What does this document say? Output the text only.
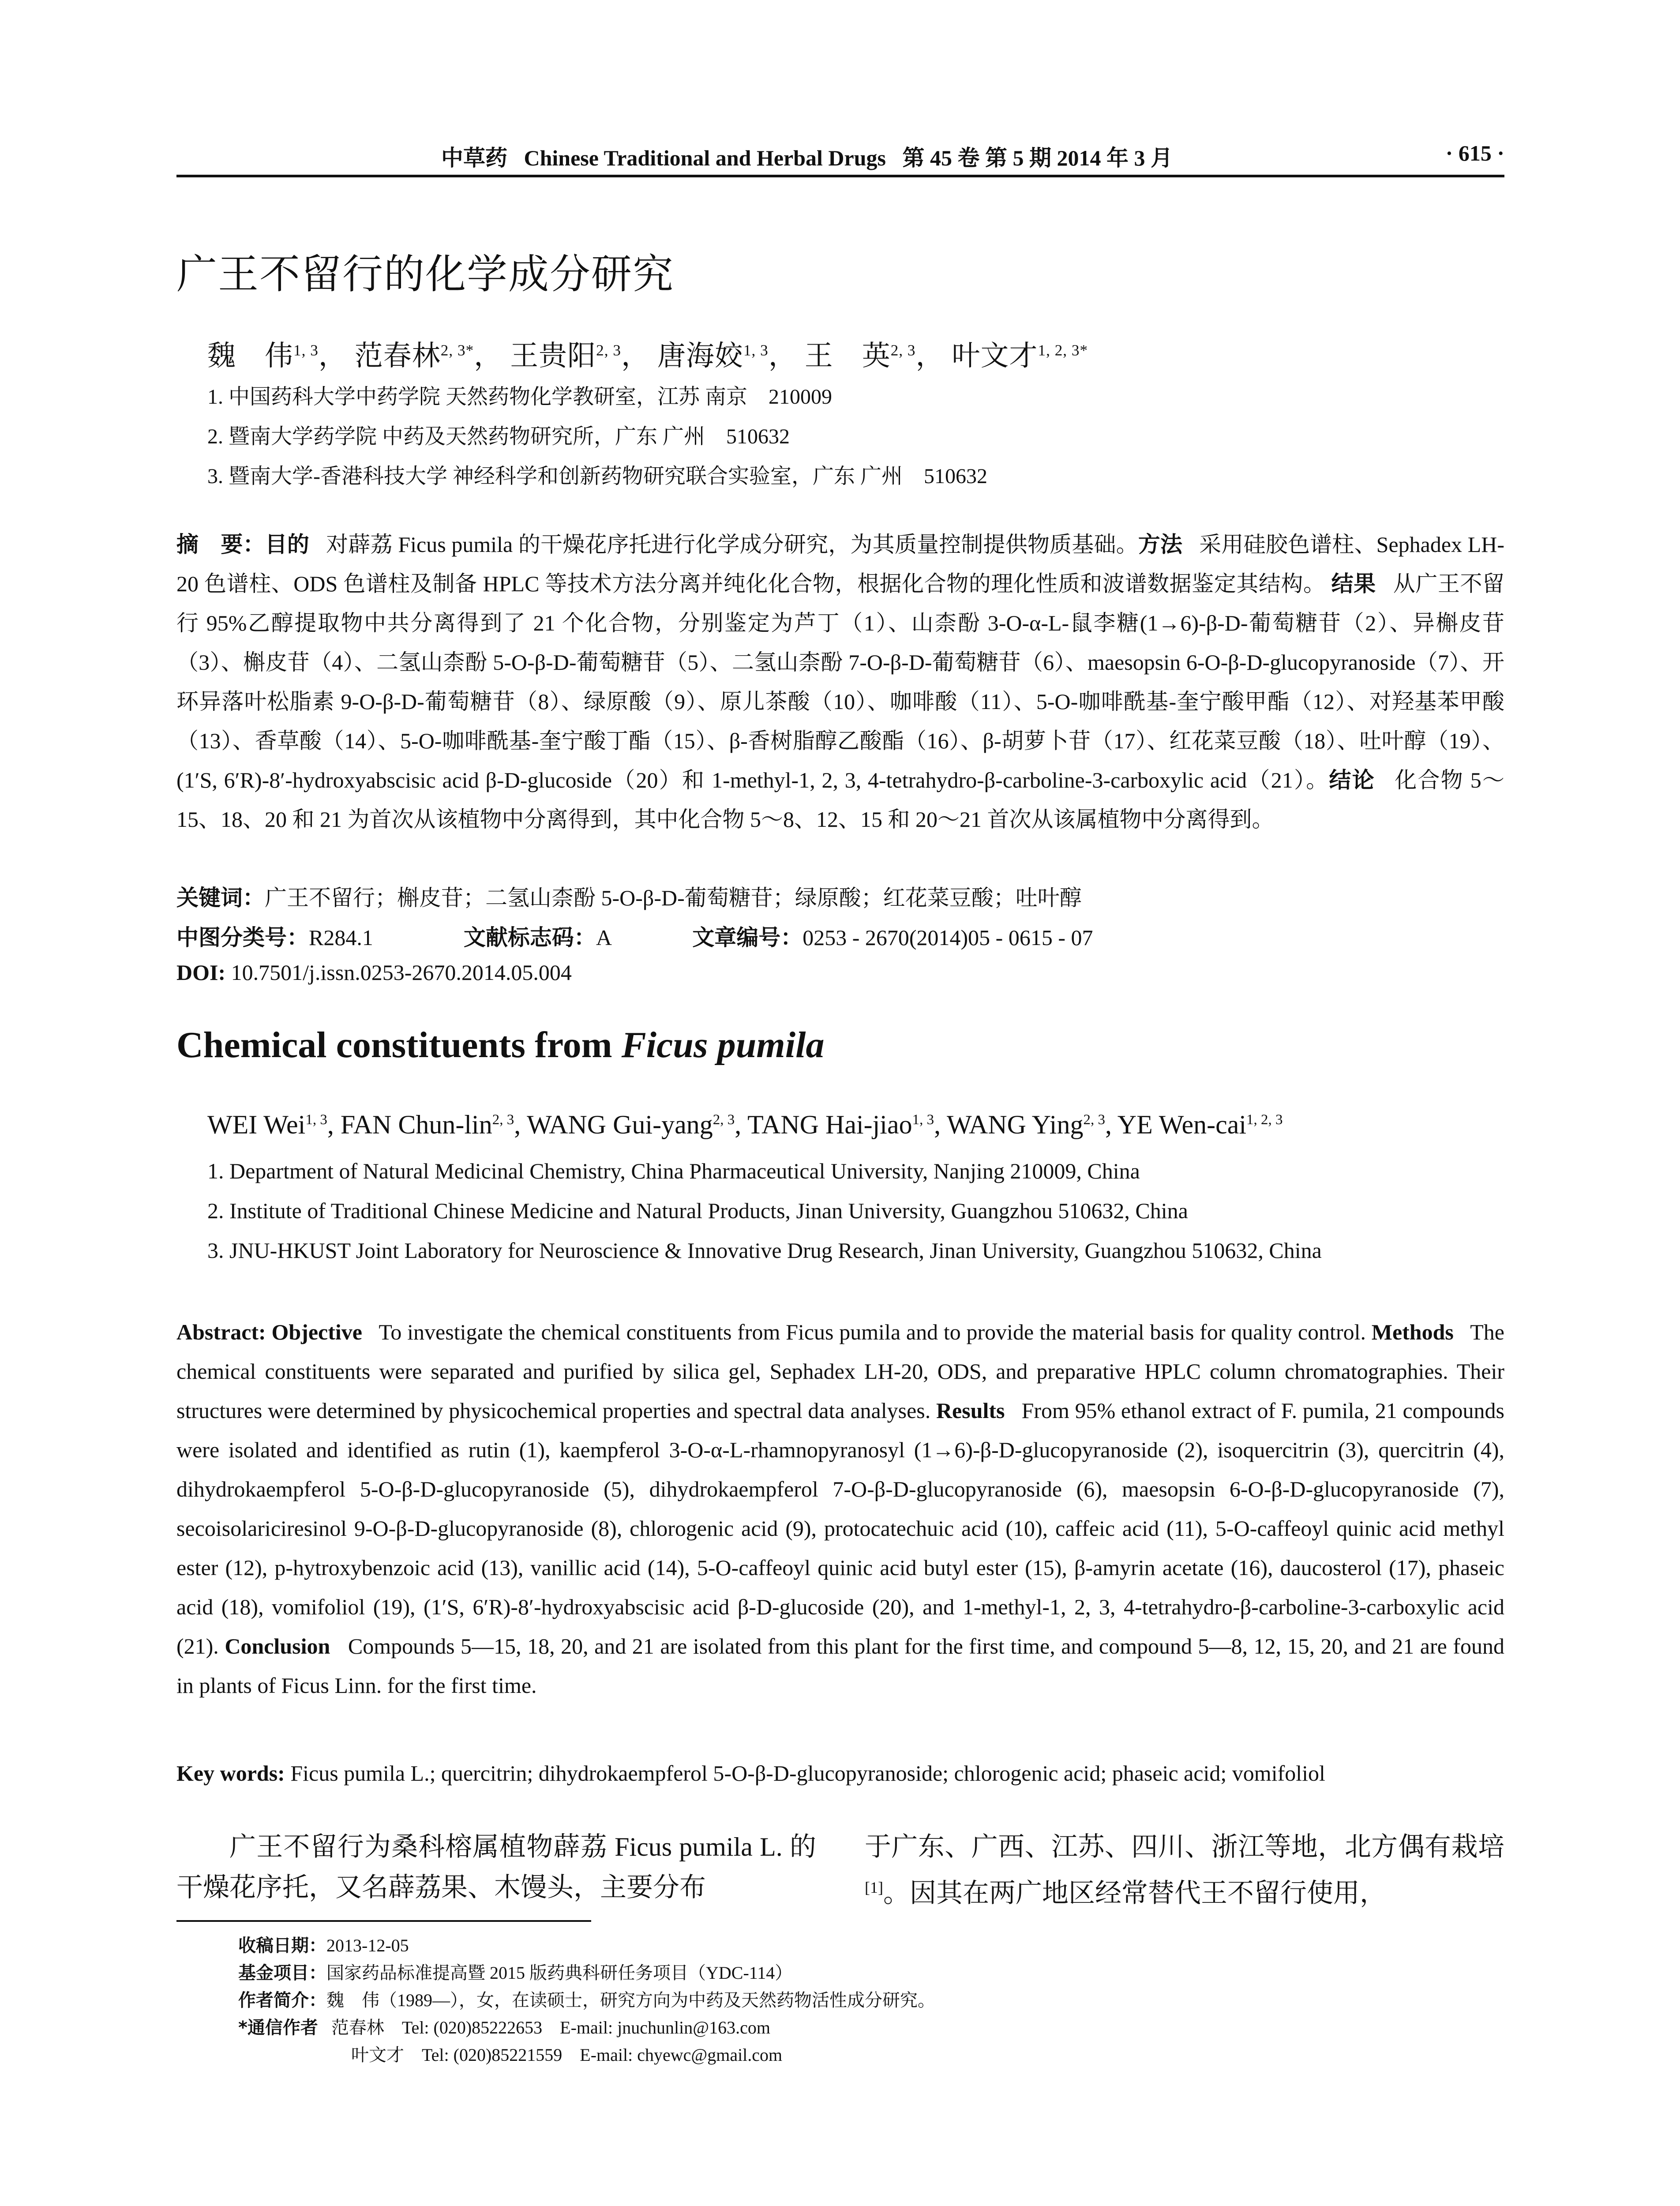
中草药 Chinese Traditional and Herbal Drugs 第 45 卷 第 5 期 2014 年 3 月	· 615 ·
广王不留行的化学成分研究
魏　伟$^{1, 3}$， 范春林$^{2, 3*}$， 王贵阳$^{2, 3}$， 唐海姣$^{1, 3}$， 王　英$^{2, 3}$， 叶文才$^{1, 2, 3*}$
1. 中国药科大学中药学院 天然药物化学教研室，江苏 南京　210009
2. 暨南大学药学院 中药及天然药物研究所，广东 广州　510632
3. 暨南大学-香港科技大学 神经科学和创新药物研究联合实验室，广东 广州　510632
摘　要：目的 对薜荔 Ficus pumila 的干燥花序托进行化学成分研究，为其质量控制提供物质基础。方法 采用硅胶色谱柱、Sephadex LH-20 色谱柱、ODS 色谱柱及制备 HPLC 等技术方法分离并纯化化合物，根据化合物的理化性质和波谱数据鉴定其结构。 结果 从广王不留行 95%乙醇提取物中共分离得到了 21 个化合物，分别鉴定为芦丁（1）、山柰酚 3-O-α-L-鼠李糖(1→6)-β-D-葡萄糖苷（2）、异槲皮苷（3）、槲皮苷（4）、二氢山柰酚 5-O-β-D-葡萄糖苷（5）、二氢山柰酚 7-O-β-D-葡萄糖苷（6）、maesopsin 6-O-β-D-glucopyranoside（7）、开环异落叶松脂素 9-O-β-D-葡萄糖苷（8）、绿原酸（9）、原儿茶酸（10）、咖啡酸（11）、5-O-咖啡酰基-奎宁酸甲酯（12）、对羟基苯甲酸（13）、香草酸（14）、5-O-咖啡酰基-奎宁酸丁酯（15）、β-香树脂醇乙酸酯（16）、β-胡萝卜苷（17）、红花菜豆酸（18）、吐叶醇（19）、(1′S, 6′R)-8′-hydroxyabscisic acid β-D-glucoside（20）和 1-methyl-1, 2, 3, 4-tetrahydro-β-carboline-3-carboxylic acid（21）。结论 化合物 5～15、18、20 和 21 为首次从该植物中分离得到，其中化合物 5～8、12、15 和 20～21 首次从该属植物中分离得到。
关键词：广王不留行；槲皮苷；二氢山柰酚 5-O-β-D-葡萄糖苷；绿原酸；红花菜豆酸；吐叶醇
中图分类号：R284.1	文献标志码：A	文章编号：0253 - 2670(2014)05 - 0615 - 07
DOI: 10.7501/j.issn.0253-2670.2014.05.004
Chemical constituents from Ficus pumila
WEI Wei$^{1, 3}$, FAN Chun-lin$^{2, 3}$, WANG Gui-yang$^{2, 3}$, TANG Hai-jiao$^{1, 3}$, WANG Ying$^{2, 3}$, YE Wen-cai$^{1, 2, 3}$
1. Department of Natural Medicinal Chemistry, China Pharmaceutical University, Nanjing 210009, China
2. Institute of Traditional Chinese Medicine and Natural Products, Jinan University, Guangzhou 510632, China
3. JNU-HKUST Joint Laboratory for Neuroscience & Innovative Drug Research, Jinan University, Guangzhou 510632, China
Abstract: Objective To investigate the chemical constituents from Ficus pumila and to provide the material basis for quality control. Methods The chemical constituents were separated and purified by silica gel, Sephadex LH-20, ODS, and preparative HPLC column chromatographies. Their structures were determined by physicochemical properties and spectral data analyses. Results From 95% ethanol extract of F. pumila, 21 compounds were isolated and identified as rutin (1), kaempferol 3-O-α-L-rhamnopyranosyl (1→6)-β-D-glucopyranoside (2), isoquercitrin (3), quercitrin (4), dihydrokaempferol 5-O-β-D-glucopyranoside (5), dihydrokaempferol 7-O-β-D-glucopyranoside (6), maesopsin 6-O-β-D-glucopyranoside (7), secoisolariciresinol 9-O-β-D-glucopyranoside (8), chlorogenic acid (9), protocatechuic acid (10), caffeic acid (11), 5-O-caffeoyl quinic acid methyl ester (12), p-hytroxybenzoic acid (13), vanillic acid (14), 5-O-caffeoyl quinic acid butyl ester (15), β-amyrin acetate (16), daucosterol (17), phaseic acid (18), vomifoliol (19), (1′S, 6′R)-8′-hydroxyabscisic acid β-D-glucoside (20), and 1-methyl-1, 2, 3, 4-tetrahydro-β-carboline-3-carboxylic acid (21). Conclusion Compounds 5—15, 18, 20, and 21 are isolated from this plant for the first time, and compound 5—8, 12, 15, 20, and 21 are found in plants of Ficus Linn. for the first time.
Key words: Ficus pumila L.; quercitrin; dihydrokaempferol 5-O-β-D-glucopyranoside; chlorogenic acid; phaseic acid; vomifoliol
广王不留行为桑科榕属植物薜荔 Ficus pumila L. 的干燥花序托，又名薜荔果、木馒头，主要分布
于广东、广西、江苏、四川、浙江等地，北方偶有栽培[1]。因其在两广地区经常替代王不留行使用，
收稿日期：2013-12-05
基金项目：国家药品标准提高暨 2015 版药典科研任务项目（YDC-114）
作者简介：魏　伟（1989—），女，在读硕士，研究方向为中药及天然药物活性成分研究。
*通信作者 范春林　Tel: (020)85222653　E-mail: jnuchunlin@163.com
叶文才　Tel: (020)85221559　E-mail: chyewc@gmail.com
